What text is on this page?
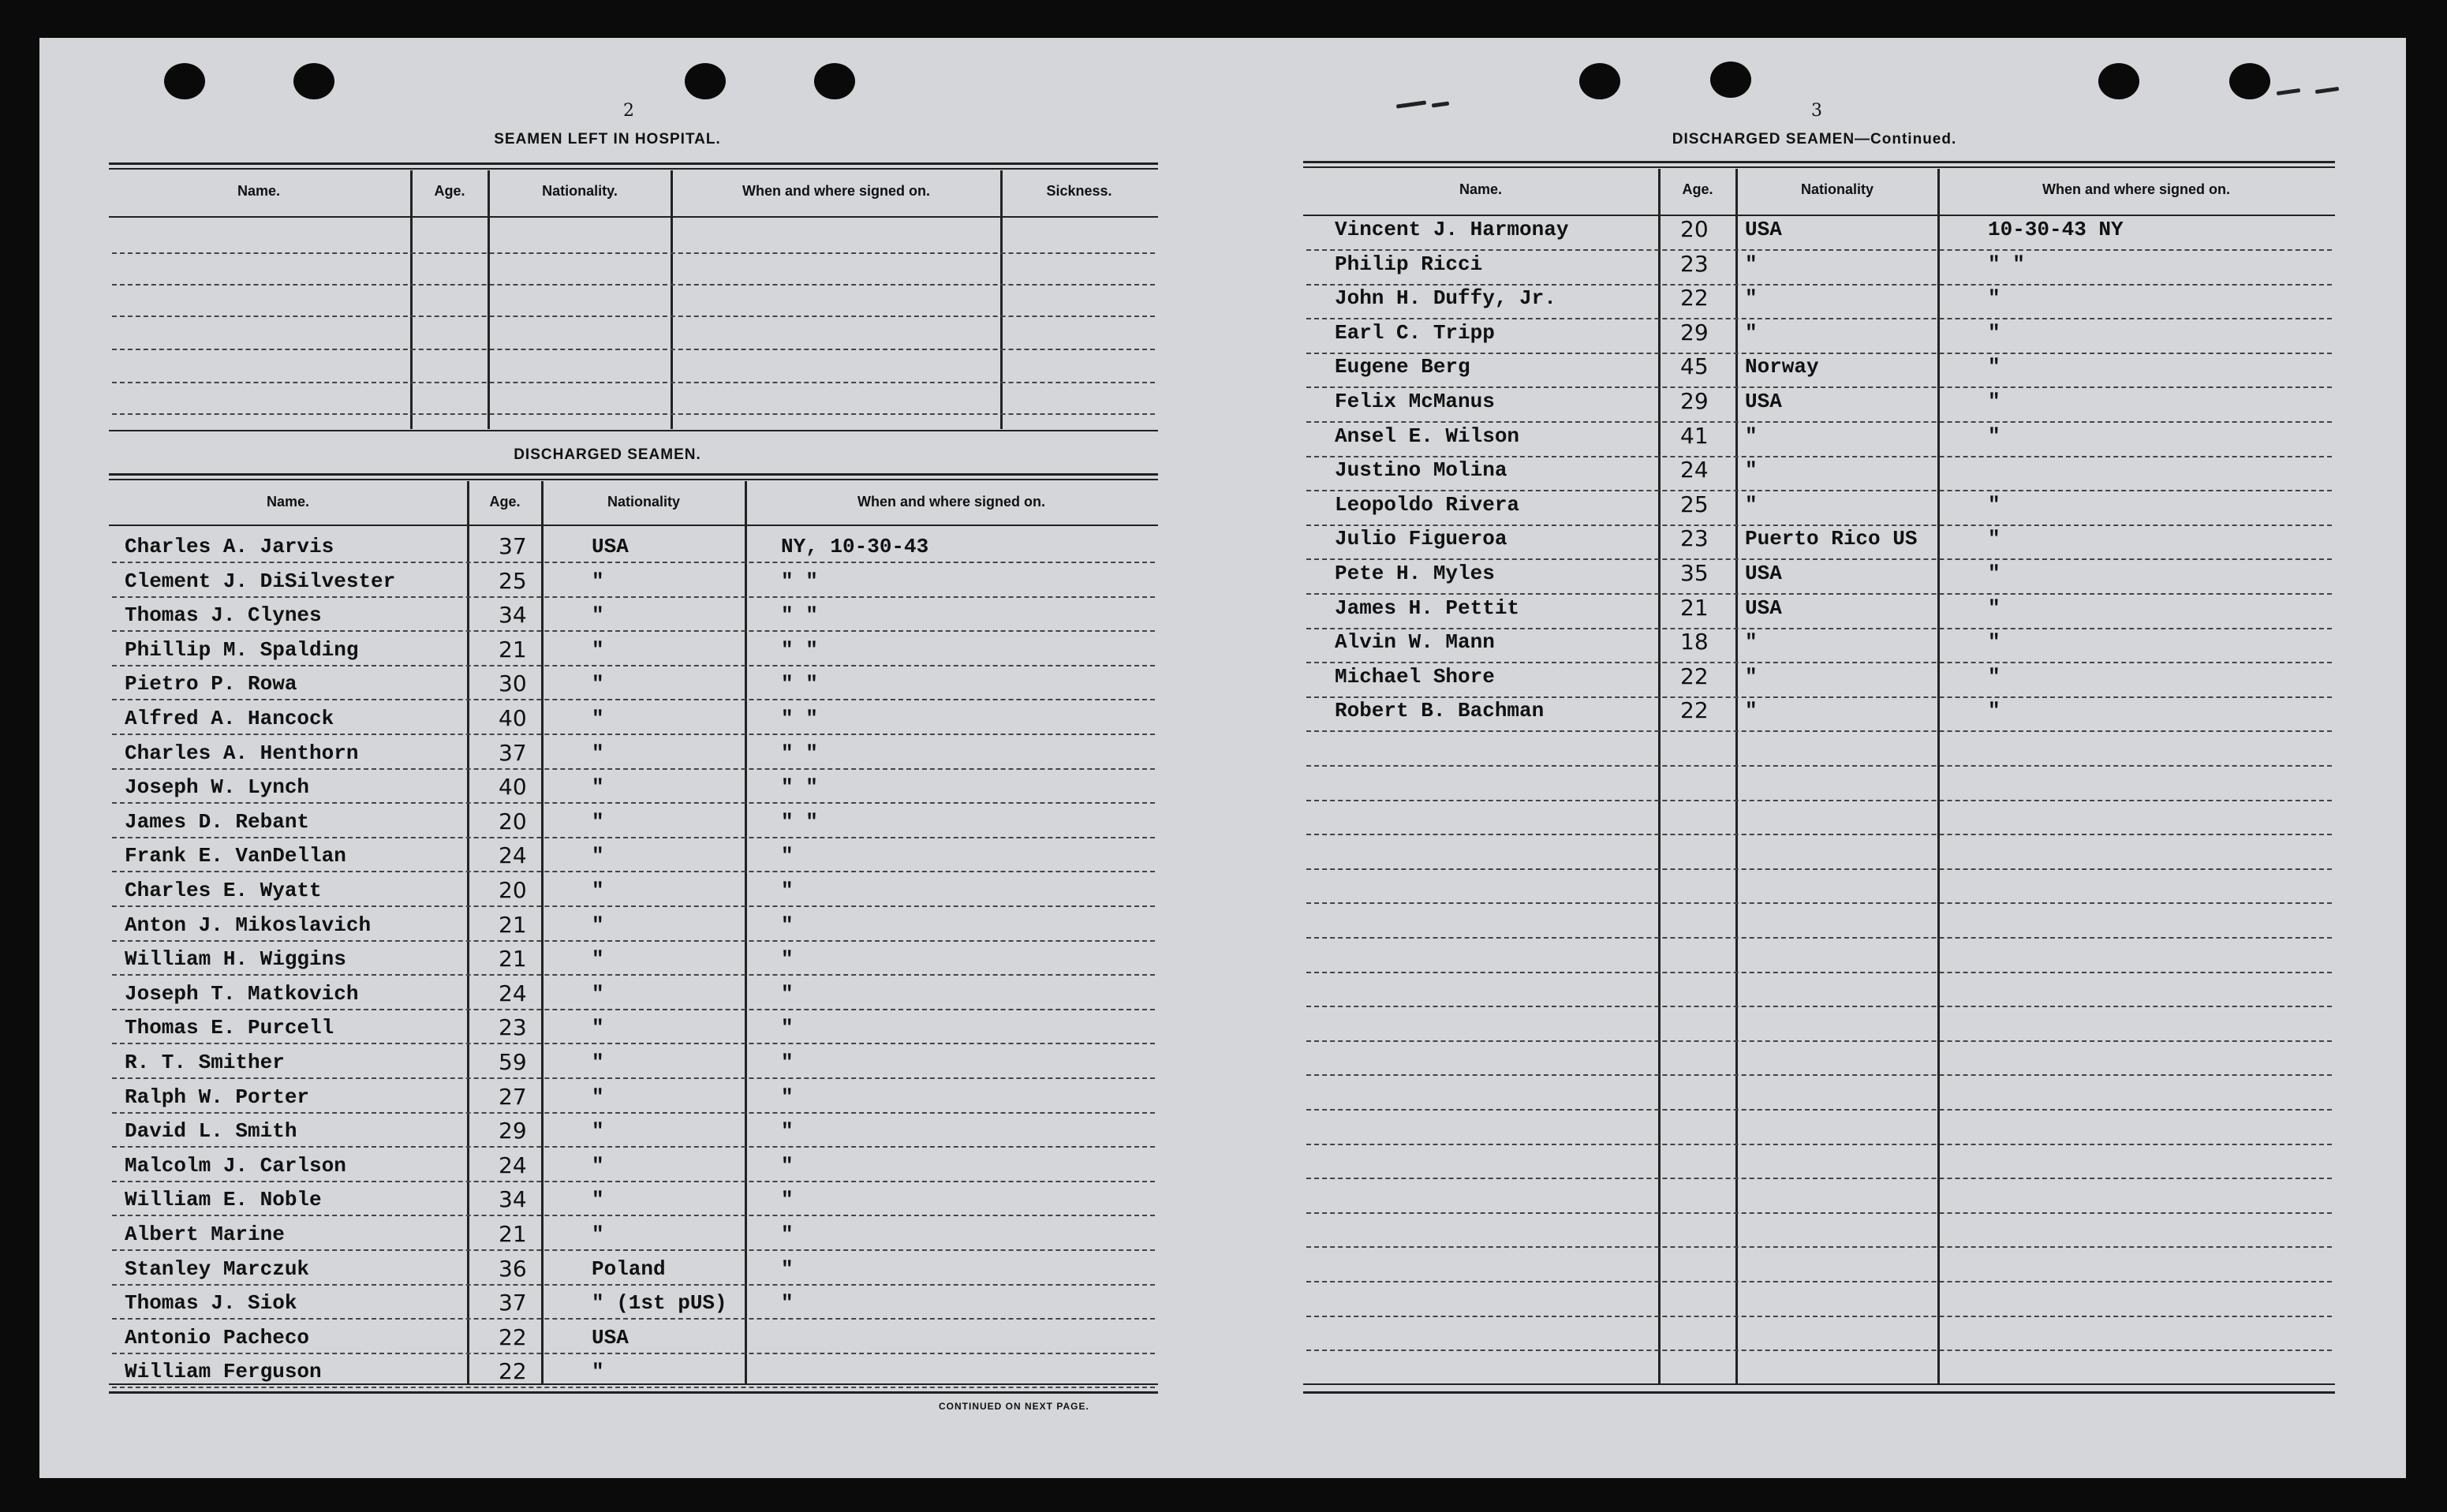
2
SEAMEN LEFT IN HOSPITAL.
Name.	Age.	Nationality.	When and where signed on.	Sickness.
DISCHARGED SEAMEN.
Name.	Age.	Nationality	When and where signed on.
Charles A. Jarvis	37	USA	NY, 10-30-43
Clement J. DiSilvester	25	"	" "
Thomas J. Clynes	34	"	" "
Phillip M. Spalding	21	"	" "
Pietro P. Rowa	30	"	" "
Alfred A. Hancock	40	"	" "
Charles A. Henthorn	37	"	" "
Joseph W. Lynch	40	"	" "
James D. Rebant	20	"	" "
Frank E. VanDellan	24	"	"
Charles E. Wyatt	20	"	"
Anton J. Mikoslavich	21	"	"
William H. Wiggins	21	"	"
Joseph T. Matkovich	24	"	"
Thomas E. Purcell	23	"	"
R. T. Smither	59	"	"
Ralph W. Porter	27	"	"
David L. Smith	29	"	"
Malcolm J. Carlson	24	"	"
William E. Noble	34	"	"
Albert Marine	21	"	"
Stanley Marczuk	36	Poland	"
Thomas J. Siok	37	" (1st pUS)	"
Antonio Pacheco	22	USA
William Ferguson	22	"
CONTINUED ON NEXT PAGE.
3
DISCHARGED SEAMEN—Continued.
Name.	Age.	Nationality	When and where signed on.
Vincent J. Harmonay	20 USA	10-30-43 NY
Philip Ricci	23 "	" "
John H. Duffy, Jr.	22 "	"
Earl C. Tripp	29 "	"
Eugene Berg	45 Norway	"
Felix McManus	29 USA	"
Ansel E. Wilson	41 "	"
Justino Molina	24 "
Leopoldo Rivera	25 "	"
Julio Figueroa	23 Puerto Rico US	"
Pete H. Myles	35 USA	"
James H. Pettit	21 USA	"
Alvin W. Mann	18 "	"
Michael Shore	22 "	"
Robert B. Bachman	22 "	"
